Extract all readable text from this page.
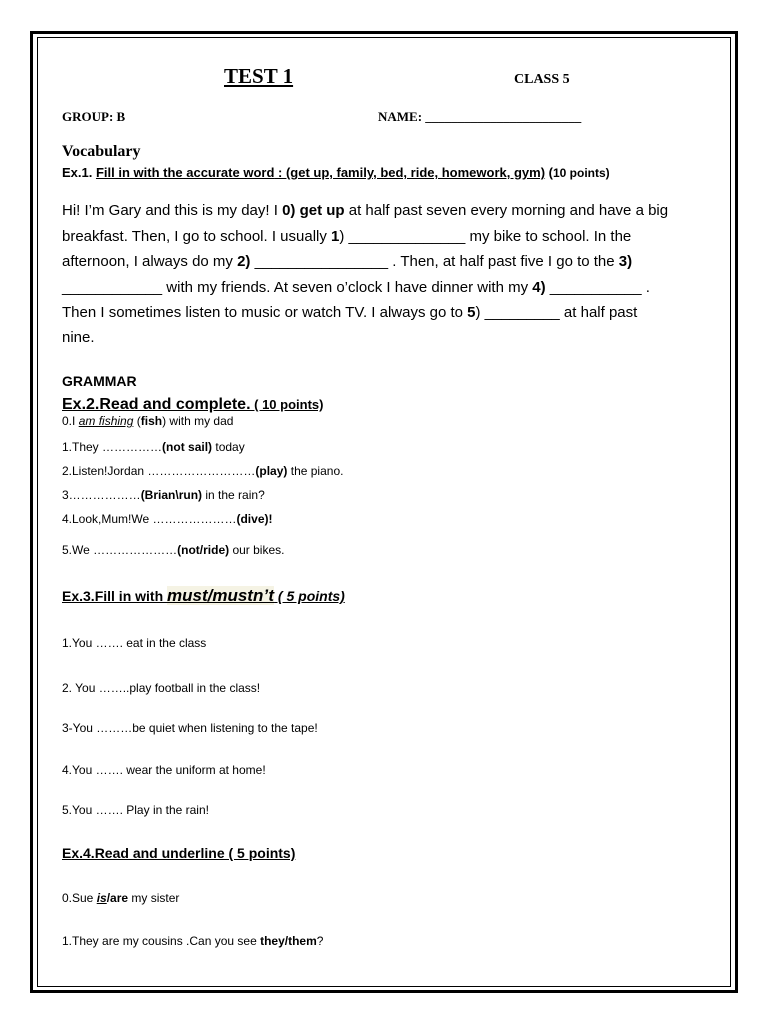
TEST 1	CLASS 5
GROUP: B	NAME: ________________________
Vocabulary
Ex.1. Fill in with the accurate word : (get up, family, bed, ride, homework, gym) (10 points)
Hi! I’m Gary and this is my day! I 0) get up at half past seven every morning and have a big
breakfast. Then, I go to school. I usually 1) ______________ my bike to school. In the
afternoon, I always do my 2) ________________ . Then, at half past five I go to the 3)
____________ with my friends. At seven o’clock I have dinner with my 4) ___________ .
Then I sometimes listen to music or watch TV. I always go to 5) _________ at half past
nine.
GRAMMAR
Ex.2.Read and complete. ( 10 points)
0.I am fishing (fish) with my dad
1.They ……………(not sail) today
2.Listen!Jordan ………………………(play) the piano.
3………………(Brian\run) in the rain?
4.Look,Mum!We …………………(dive)!
5.We …………………(not/ride) our bikes.
Ex.3.Fill in with must/mustn’t ( 5 points)
1.You ……. eat in the class
2. You ……..play football in the class!
3-You ………be quiet when listening to the tape!
4.You ……. wear the uniform at home!
5.You ……. Play in the rain!
Ex.4.Read and underline ( 5 points)
0.Sue is/are my sister
1.They are my cousins .Can you see they/them?
